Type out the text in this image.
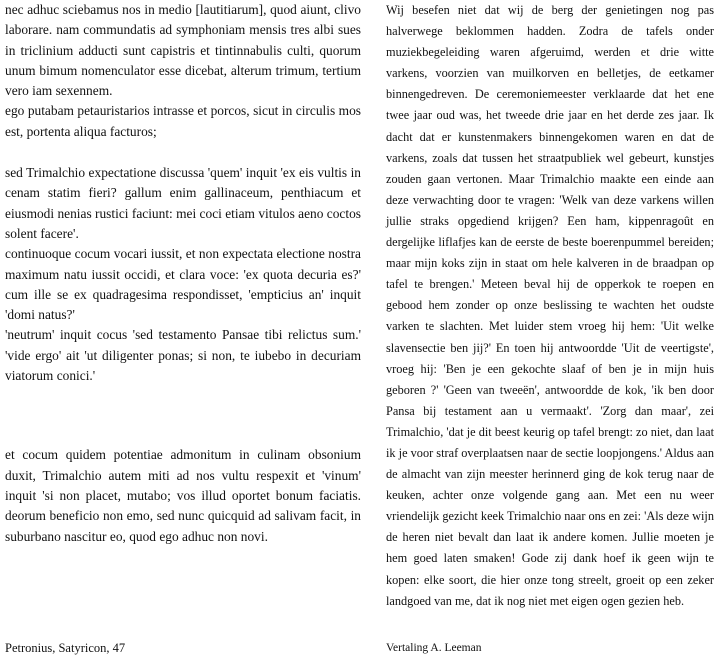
nec adhuc sciebamus nos in medio [lautitiarum], quod aiunt, clivo laborare. nam commundatis ad symphoniam mensis tres albi sues in triclinium adducti sunt capistris et tintinnabulis culti, quorum unum bimum nomenculator esse dicebat, alterum trimum, tertium vero iam sexennem.

ego putabam petauristarios intrasse et porcos, sicut in circulis mos est, portenta aliqua facturos;

sed Trimalchio expectatione discussa 'quem' inquit 'ex eis vultis in cenam statim fieri? gallum enim gallinaceum, penthiacum et eiusmodi nenias rustici faciunt: mei coci etiam vitulos aeno coctos solent facere'.

continuoque cocum vocari iussit, et non expectata electione nostra maximum natu iussit occidi, et clara voce: 'ex quota decuria es?' cum ille se ex quadragesima respondisset, 'empticius an' inquit 'domi natus?'

'neutrum' inquit cocus 'sed testamento Pansae tibi relictus sum.' 'vide ergo' ait 'ut diligenter ponas; si non, te iubebo in decuriam viatorum conici.'

et cocum quidem potentiae admonitum in culinam obsonium duxit, Trimalchio autem miti ad nos vultu respexit et 'vinum' inquit 'si non placet, mutabo; vos illud oportet bonum faciatis. deorum beneficio non emo, sed nunc quicquid ad salivam facit, in suburbano nascitur eo, quod ego adhuc non novi.

Wij besefen niet dat wij de berg der genietingen nog pas halverwege beklommen hadden. Zodra de tafels onder muziekbegeleiding waren afgeruimd, werden et drie witte varkens, voorzien van muilkorven en belletjes, de eetkamer binnengedreven. De ceremoniemeester verklaarde dat het ene twee jaar oud was, het tweede drie jaar en het derde zes jaar. Ik dacht dat er kunstenmakers binnengekomen waren en dat de varkens, zoals dat tussen het straatpubliek wel gebeurt, kunstjes zouden gaan vertonen. Maar Trimalchio maakte een einde aan deze verwachting door te vragen: 'Welk van deze varkens willen jullie straks opgediend krijgen? Een ham, kippenragoût en dergelijke liflafjes kan de eerste de beste boerenpummel bereiden; maar mijn koks zijn in staat om hele kalveren in de braadpan op tafel te brengen.' Meteen beval hij de opperkok te roepen en gebood hem zonder op onze beslissing te wachten het oudste varken te slachten. Met luider stem vroeg hij hem: 'Uit welke slavensectie ben jij?' En toen hij antwoordde 'Uit de veertigste', vroeg hij: 'Ben je een gekochte slaaf of ben je in mijn huis geboren ?' 'Geen van tweeën', antwoordde de kok, 'ik ben door Pansa bij testament aan u vermaakt'. 'Zorg dan maar', zei Trimalchio, 'dat je dit beest keurig op tafel brengt: zo niet, dan laat ik je voor straf overplaatsen naar de sectie loopjongens.' Aldus aan de almacht van zijn meester herinnerd ging de kok terug naar de keuken, achter onze volgende gang aan. Met een nu weer vriendelijk gezicht keek Trimalchio naar ons en zei: 'Als deze wijn de heren niet bevalt dan laat ik andere komen. Jullie moeten je hem goed laten smaken! Gode zij dank hoef ik geen wijn te kopen: elke soort, die hier onze tong streelt, groeit op een zeker landgoed van me, dat ik nog niet met eigen ogen gezien heb.

Petronius, Satyricon, 47	Vertaling A. Leeman
